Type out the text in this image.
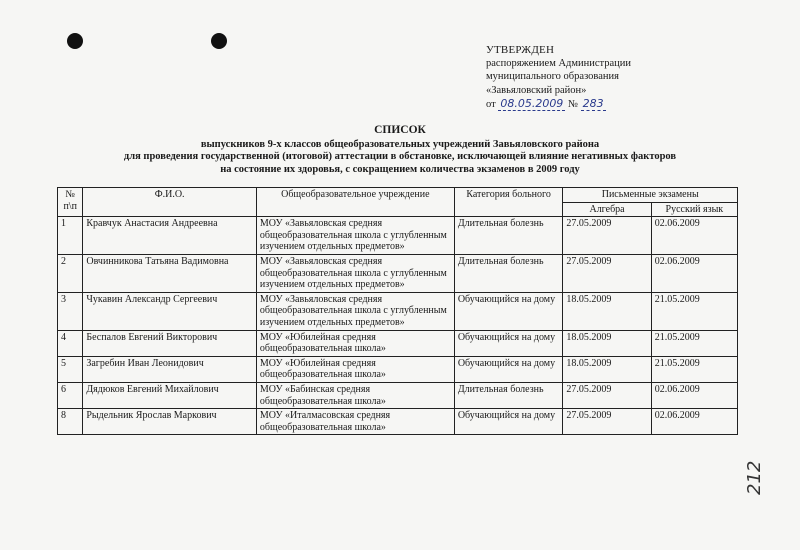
УТВЕРЖДЕН
распоряжением Администрации
муниципального образования
«Завьяловский район»
от 08.05.2009 № 283
СПИСОК
выпускников 9-х классов общеобразовательных учреждений Завьяловского района
для проведения государственной (итоговой) аттестации в обстановке, исключающей влияние негативных факторов
на состояние их здоровья, с сокращением количества экзаменов в 2009 году
№ п\п	Ф.И.О.	Общеобразовательное учреждение	Категория больного	Письменные экзамены	
				Алгебра	Русский язык
1	Кравчук Анастасия Андреевна	МОУ «Завьяловская средняя общеобразовательная школа с углубленным изучением отдельных предметов»	Длительная болезнь	27.05.2009	02.06.2009
2	Овчинникова Татьяна Вадимовна	МОУ «Завьяловская средняя общеобразовательная школа с углубленным изучением отдельных предметов»	Длительная болезнь	27.05.2009	02.06.2009
3	Чукавин Александр Сергеевич	МОУ «Завьяловская средняя общеобразовательная школа с углубленным изучением отдельных предметов»	Обучающийся на дому	18.05.2009	21.05.2009
4	Беспалов Евгений Викторович	МОУ «Юбилейная средняя общеобразовательная школа»	Обучающийся на дому	18.05.2009	21.05.2009
5	Загребин Иван Леонидович	МОУ «Юбилейная средняя общеобразовательная школа»	Обучающийся на дому	18.05.2009	21.05.2009
6	Дядюков Евгений Михайлович	МОУ «Бабинская средняя общеобразовательная школа»	Длительная болезнь	27.05.2009	02.06.2009
8	Рыдельник Ярослав Маркович	МОУ «Италмасовская средняя общеобразовательная школа»	Обучающийся на дому	27.05.2009	02.06.2009
212
